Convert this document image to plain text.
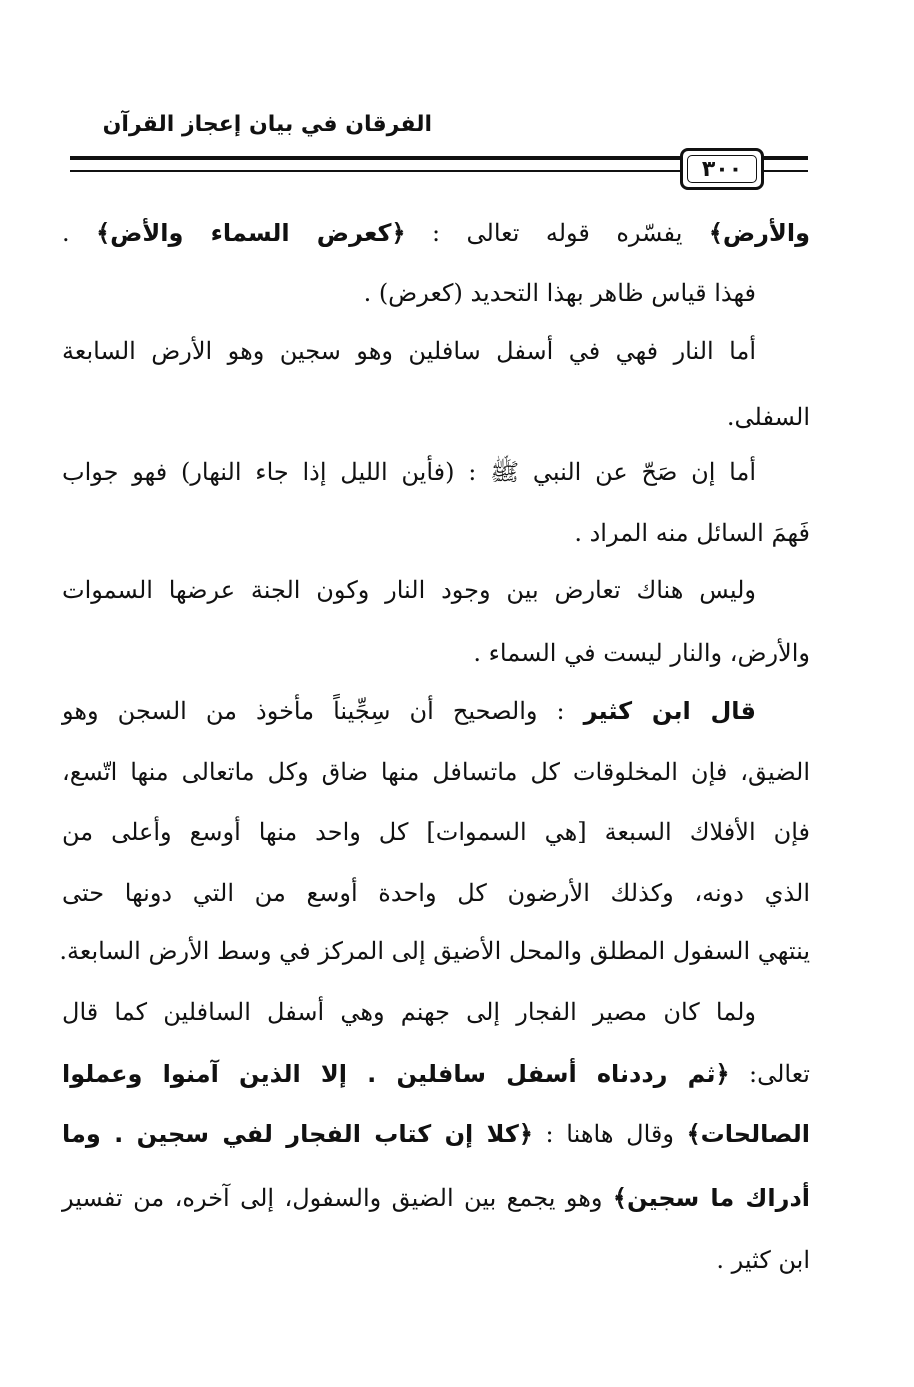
الفرقان في بيان إعجاز القرآن
٣٠٠
والأرض﴾ يفسّره قوله تعالى : ﴿كعرض السماء والأض﴾ .
فهذا قياس ظاهر بهذا التحديد (كعرض) .
أما النار فهي في أسفل سافلين وهو سجين وهو الأرض السابعة
السفلى.
أما إن صَحّ عن النبي ﷺ : (فأين الليل إذا جاء النهار) فهو جواب
فَهمَ السائل منه المراد .
وليس هناك تعارض بين وجود النار وكون الجنة عرضها السموات
والأرض، والنار ليست في السماء .
قال ابن كثير : والصحيح أن سِجِّيناً مأخوذ من السجن وهو
الضيق، فإن المخلوقات كل ماتسافل منها ضاق وكل ماتعالى منها اتّسع،
فإن الأفلاك السبعة [هي السموات] كل واحد منها أوسع وأعلى من
الذي دونه، وكذلك الأرضون كل واحدة أوسع من التي دونها حتى
ينتهي السفول المطلق والمحل الأضيق إلى المركز في وسط الأرض السابعة.
ولما كان مصير الفجار إلى جهنم وهي أسفل السافلين كما قال
تعالى: ﴿ثم رددناه أسفل سافلين . إلا الذين آمنوا وعملوا
الصالحات﴾ وقال هاهنا : ﴿كلا إن كتاب الفجار لفي سجين . وما
أدراك ما سجين﴾ وهو يجمع بين الضيق والسفول، إلى آخره، من تفسير
ابن كثير .
